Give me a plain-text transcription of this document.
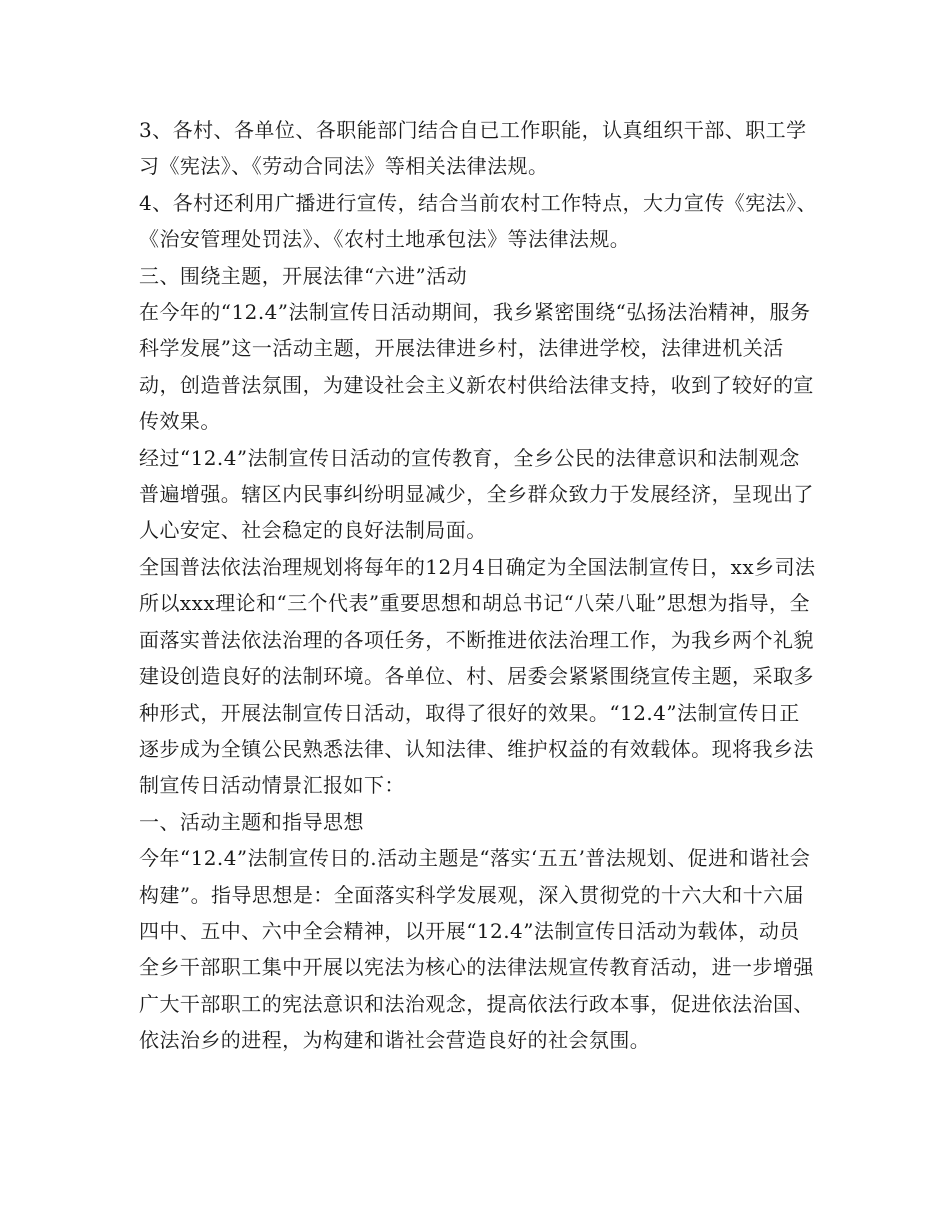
3、各村、各单位、各职能部门结合自已工作职能，认真组织干部、职工学习《宪法》、《劳动合同法》等相关法律法规。

4、各村还利用广播进行宣传，结合当前农村工作特点，大力宣传《宪法》、《治安管理处罚法》、《农村土地承包法》等法律法规。

三、围绕主题，开展法律“六进”活动

在今年的“12.4”法制宣传日活动期间，我乡紧密围绕“弘扬法治精神，服务科学发展”这一活动主题，开展法律进乡村，法律进学校，法律进机关活动，创造普法氛围，为建设社会主义新农村供给法律支持，收到了较好的宣传效果。

经过“12.4”法制宣传日活动的宣传教育，全乡公民的法律意识和法制观念普遍增强。辖区内民事纠纷明显减少，全乡群众致力于发展经济，呈现出了人心安定、社会稳定的良好法制局面。

全国普法依法治理规划将每年的12月4日确定为全国法制宣传日，xx乡司法所以xxx理论和“三个代表”重要思想和胡总书记“八荣八耻”思想为指导，全面落实普法依法治理的各项任务，不断推进依法治理工作，为我乡两个礼貌建设创造良好的法制环境。各单位、村、居委会紧紧围绕宣传主题，采取多种形式，开展法制宣传日活动，取得了很好的效果。“12.4”法制宣传日正逐步成为全镇公民熟悉法律、认知法律、维护权益的有效载体。现将我乡法制宣传日活动情景汇报如下：

一、活动主题和指导思想

今年“12.4”法制宣传日的.活动主题是“落实‘五五’普法规划、促进和谐社会构建”。指导思想是：全面落实科学发展观，深入贯彻党的十六大和十六届四中、五中、六中全会精神，以开展“12.4”法制宣传日活动为载体，动员全乡干部职工集中开展以宪法为核心的法律法规宣传教育活动，进一步增强广大干部职工的宪法意识和法治观念，提高依法行政本事，促进依法治国、依法治乡的进程，为构建和谐社会营造良好的社会氛围。
